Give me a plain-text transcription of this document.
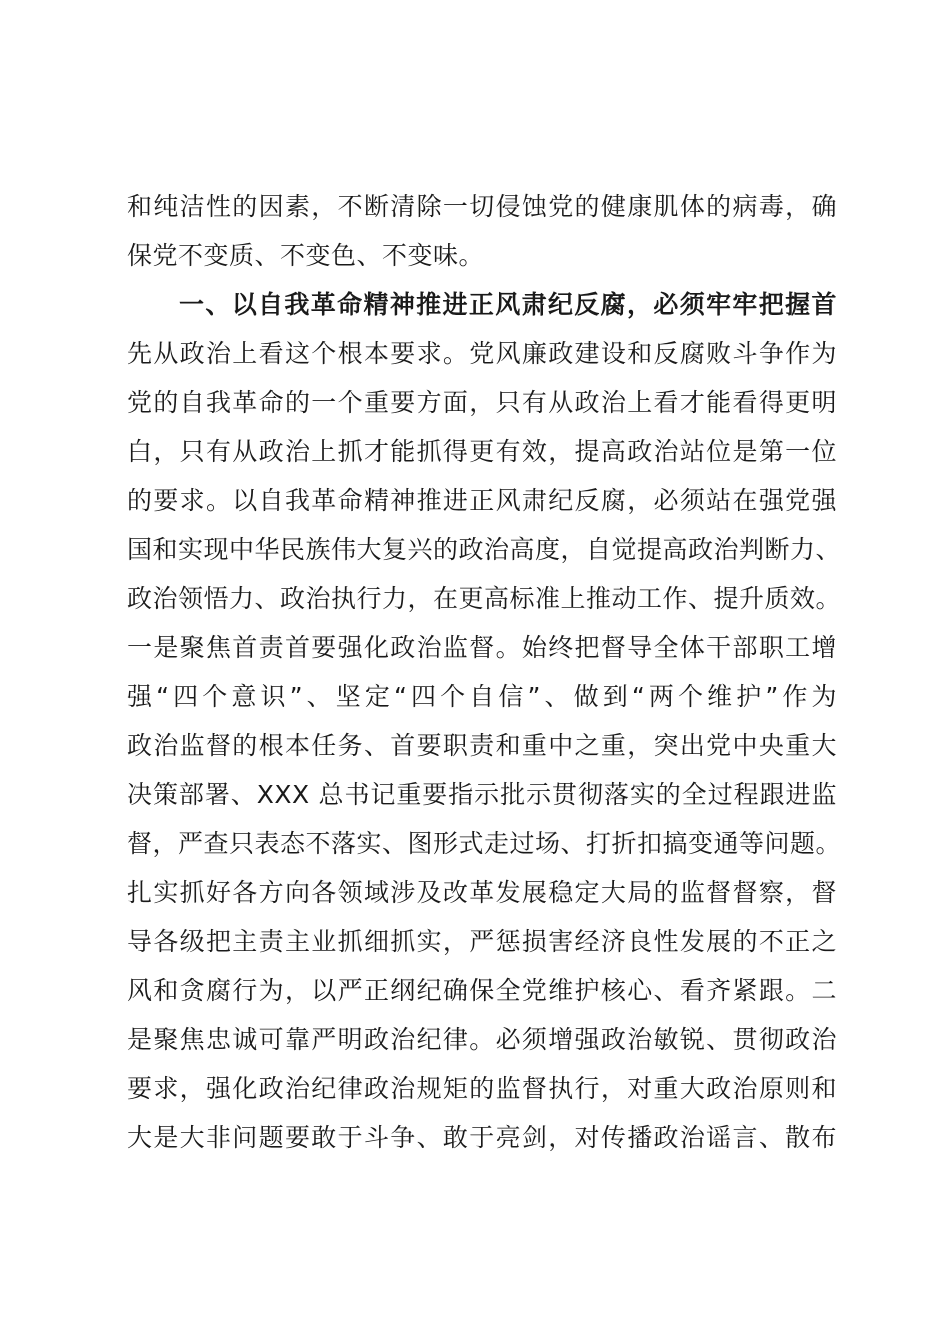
和纯洁性的因素，不断清除一切侵蚀党的健康肌体的病毒，确
保党不变质、不变色、不变味。
一、以自我革命精神推进正风肃纪反腐，必须牢牢把握首
先从政治上看这个根本要求。党风廉政建设和反腐败斗争作为
党的自我革命的一个重要方面，只有从政治上看才能看得更明
白，只有从政治上抓才能抓得更有效，提高政治站位是第一位
的要求。以自我革命精神推进正风肃纪反腐，必须站在强党强
国和实现中华民族伟大复兴的政治高度，自觉提高政治判断力、
政治领悟力、政治执行力，在更高标准上推动工作、提升质效。
一是聚焦首责首要强化政治监督。始终把督导全体干部职工增
强“四个意识”、坚定“四个自信”、做到“两个维护”作为
政治监督的根本任务、首要职责和重中之重，突出党中央重大
决策部署、XXX 总书记重要指示批示贯彻落实的全过程跟进监
督，严查只表态不落实、图形式走过场、打折扣搞变通等问题。
扎实抓好各方向各领域涉及改革发展稳定大局的监督督察，督
导各级把主责主业抓细抓实，严惩损害经济良性发展的不正之
风和贪腐行为，以严正纲纪确保全党维护核心、看齐紧跟。二
是聚焦忠诚可靠严明政治纪律。必须增强政治敏锐、贯彻政治
要求，强化政治纪律政治规矩的监督执行，对重大政治原则和
大是大非问题要敢于斗争、敢于亮剑，对传播政治谣言、散布
